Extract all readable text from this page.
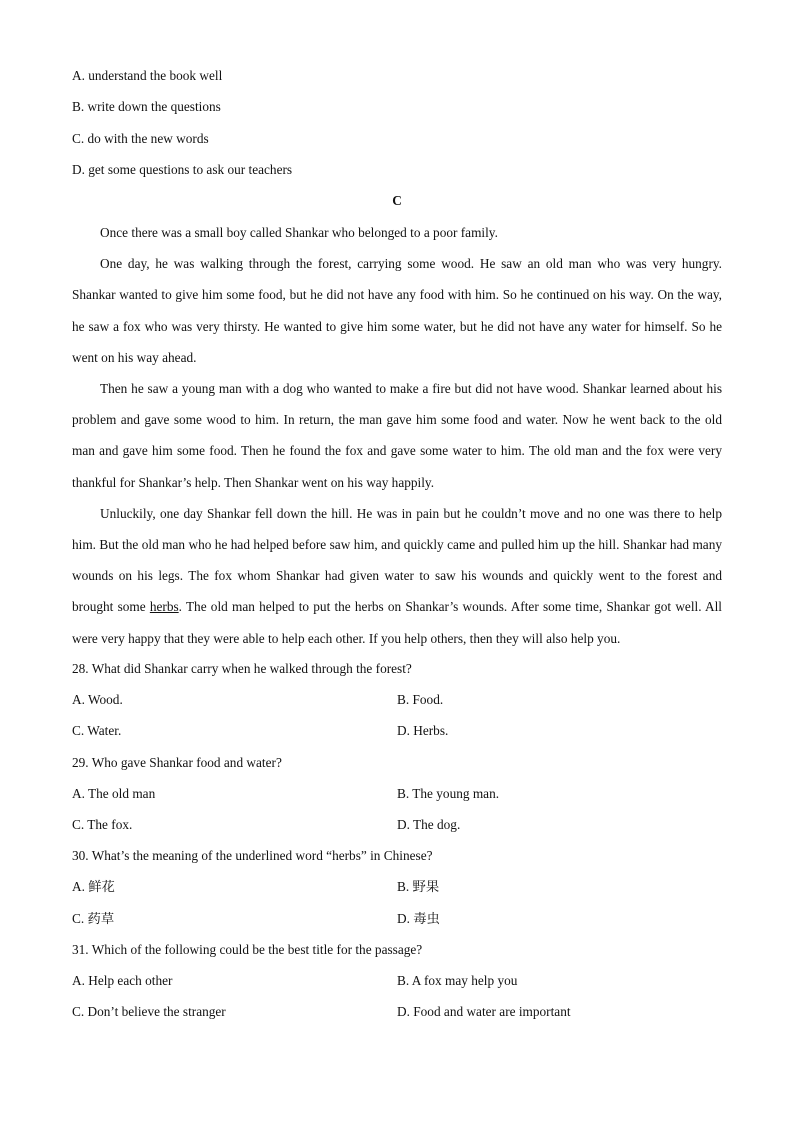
A. understand the book well
B. write down the questions
C. do with the new words
D. get some questions to ask our teachers
C

Once there was a small boy called Shankar who belonged to a poor family.

One day, he was walking through the forest, carrying some wood. He saw an old man who was very hungry. Shankar wanted to give him some food, but he did not have any food with him. So he continued on his way. On the way, he saw a fox who was very thirsty. He wanted to give him some water, but he did not have any water for himself. So he went on his way ahead.

Then he saw a young man with a dog who wanted to make a fire but did not have wood. Shankar learned about his problem and gave some wood to him. In return, the man gave him some food and water. Now he went back to the old man and gave him some food. Then he found the fox and gave some water to him. The old man and the fox were very thankful for Shankar’s help. Then Shankar went on his way happily.

Unluckily, one day Shankar fell down the hill. He was in pain but he couldn’t move and no one was there to help him. But the old man who he had helped before saw him, and quickly came and pulled him up the hill. Shankar had many wounds on his legs. The fox whom Shankar had given water to saw his wounds and quickly went to the forest and brought some herbs. The old man helped to put the herbs on Shankar’s wounds. After some time, Shankar got well. All were very happy that they were able to help each other. If you help others, then they will also help you.

28. What did Shankar carry when he walked through the forest?
A. Wood.	B. Food.
C. Water.	D. Herbs.
29. Who gave Shankar food and water?
A. The old man	B. The young man.
C. The fox.	D. The dog.
30. What’s the meaning of the underlined word “herbs” in Chinese?
A. 鲜花	B. 野果
C. 药草	D. 毒虫
31. Which of the following could be the best title for the passage?
A. Help each other	B. A fox may help you
C. Don’t believe the stranger	D. Food and water are important
